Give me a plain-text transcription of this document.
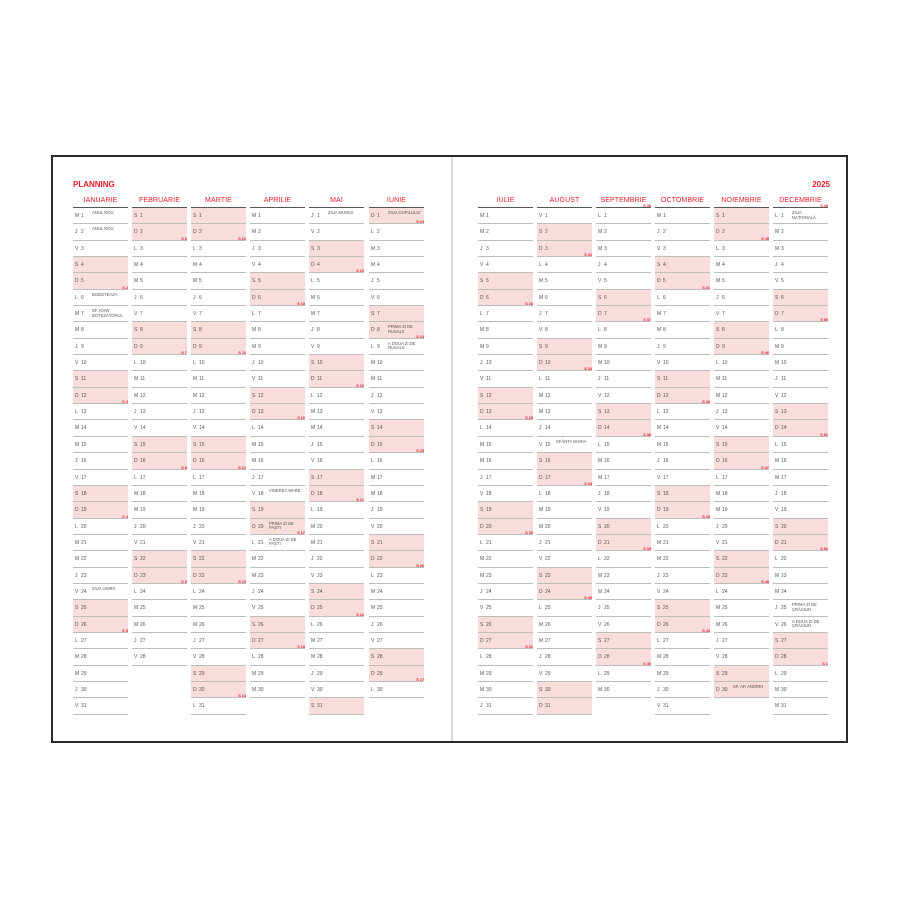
PLANNING
IANUARIE
M 1
ANUL NOU
J 2
ANUL NOU
V 3
S 4
D 5
L 6
BOBOTEAZA
S 2
M 7
SF. IOAN BOTEZĂTORUL
M 8
J 9
V 10
S 11
D 12
L 13
S 3
M 14
M 15
J 16
V 17
S 18
D 19
L 20
S 4
M 21
M 22
J 23
V 24
ZIUA UNIRII
S 25
D 26
L 27
S 5
M 28
M 29
J 30
V 31
FEBRUARIE
S 1
D 2
L 3
S 6
M 4
M 5
J 6
V 7
S 8
D 9
L 10
S 7
M 11
M 12
J 13
V 14
S 15
D 16
L 17
S 8
M 18
M 19
J 20
V 21
S 22
D 23
L 24
S 9
M 25
M 26
J 27
V 28
MARTIE
S 1
D 2
L 3
S 10
M 4
M 5
J 6
V 7
S 8
D 9
L 10
S 11
M 11
M 12
J 13
V 14
S 15
D 16
L 17
S 12
M 18
M 19
J 20
V 21
S 22
D 23
L 24
S 13
M 25
M 26
J 27
V 28
S 29
D 30
L 31
S 14
APRILIE
M 1
M 2
J 3
V 4
S 5
D 6
L 7
S 15
M 8
M 9
J 10
V 11
S 12
D 13
L 14
S 16
M 15
M 16
J 17
V 18
VINEREA MARE
S 19
D 20
PRIMA ZI DE PAȘTI
L 21
A DOUA ZI DE PAȘTI
S 17
M 22
M 23
J 24
V 25
S 26
D 27
L 28
S 18
M 29
M 30
MAI
J 1
ZIUA MUNCII
V 2
S 3
D 4
L 5
S 19
M 6
M 7
J 8
V 9
S 10
D 11
L 12
S 20
M 13
M 14
J 15
V 16
S 17
D 18
L 19
S 21
M 20
M 21
J 22
V 23
S 24
D 25
L 26
S 22
M 27
M 28
J 29
V 30
S 31
IUNIE
D 1
ZIUA COPILULUI
L 2
S 23
M 3
M 4
J 5
V 6
S 7
D 8
PRIMA ZI DE RUSALII
L 9
A DOUA ZI DE RUSALII
S 24
M 10
M 11
J 12
V 13
S 14
D 15
L 16
S 25
M 17
M 18
J 19
V 20
S 21
D 22
L 23
S 26
M 24
M 25
J 26
V 27
S 28
D 29
L 30
S 27
2025
IULIE
M 1
M 2
J 3
V 4
S 5
D 6
L 7
S 28
M 8
M 9
J 10
V 11
S 12
D 13
L 14
S 29
M 15
M 16
J 17
V 18
S 19
D 20
L 21
S 30
M 22
M 23
J 24
V 25
S 26
D 27
L 28
S 31
M 29
M 30
J 31
AUGUST
V 1
S 2
D 3
L 4
S 32
M 5
M 6
J 7
V 8
S 9
D 10
L 11
S 33
M 12
M 13
J 14
V 15
SFÂNTA MARIA
S 16
D 17
L 18
S 34
M 19
M 20
J 21
V 22
S 23
D 24
L 25
S 35
M 26
M 27
J 28
V 29
S 30
D 31
SEPTEMBRIE
L 1
S 36
M 2
M 3
J 4
V 5
S 6
D 7
L 8
S 37
M 9
M 10
J 11
V 12
S 13
D 14
L 15
S 38
M 16
M 17
J 18
V 19
S 20
D 21
L 22
S 39
M 23
M 24
J 25
V 26
S 27
D 28
L 29
S 40
M 30
OCTOMBRIE
M 1
J 2
V 3
S 4
D 5
L 6
S 41
M 7
M 8
J 9
V 10
S 11
D 12
L 13
S 42
M 14
M 15
J 16
V 17
S 18
D 19
L 20
S 43
M 21
M 22
J 23
V 24
S 25
D 26
L 27
S 44
M 28
M 29
J 30
V 31
NOIEMBRIE
S 1
D 2
L 3
S 45
M 4
M 5
J 6
V 7
S 8
D 9
L 10
S 46
M 11
M 12
J 13
V 14
S 15
D 16
L 17
S 47
M 18
M 19
J 20
V 21
S 22
D 23
L 24
S 48
M 25
M 26
J 27
V 28
S 29
D 30
SF. AP. ANDREI
DECEMBRIE
L 1
ZIUA NAȚIONALĂ
S 49
M 2
M 3
J 4
V 5
S 6
D 7
L 8
S 50
M 9
M 10
J 11
V 12
S 13
D 14
L 15
S 51
M 16
M 17
J 18
V 19
S 20
D 21
L 22
S 52
M 23
M 24
J 25
PRIMA ZI DE CRĂCIUN
V 26
A DOUA ZI DE CRĂCIUN
S 27
D 28
L 29
S 1
M 30
M 31
